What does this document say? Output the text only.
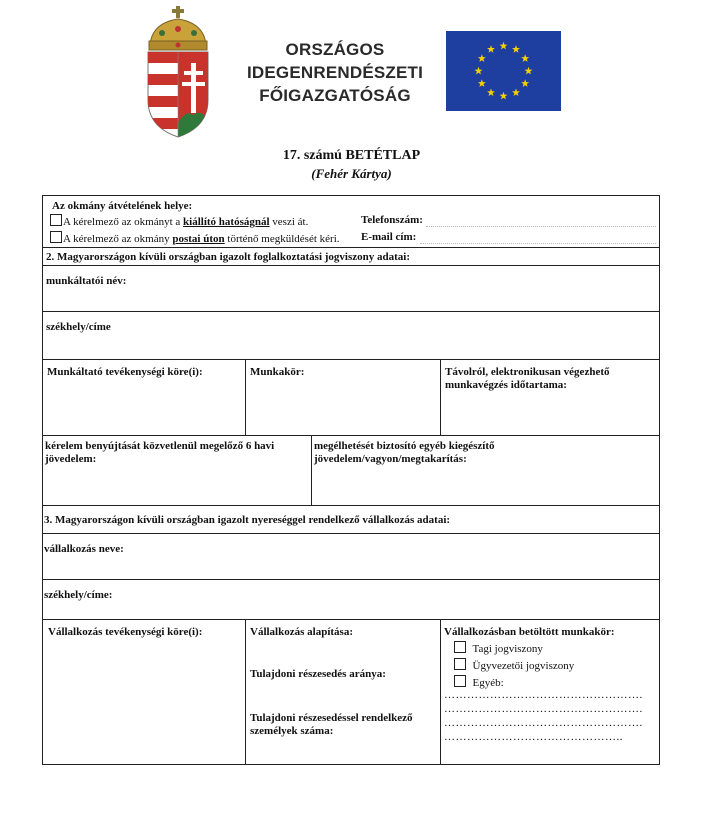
ORSZÁGOS
IDEGENRENDÉSZETI
FŐIGAZGATÓSÁG
17. számú BETÉTLAP
(Fehér Kártya)
Az okmány átvételének helye:
A kérelmező az okmányt a kiállító hatóságnál veszi át.	Telefonszám:
A kérelmező az okmány postai úton történő megküldését kéri. E-mail cím:
2. Magyarországon kívüli országban igazolt foglalkoztatási jogviszony adatai:
munkáltatói név:
székhely/címe
Munkáltató tevékenységi köre(i):	Munkakör:	Távolról, elektronikusan végezhető munkavégzés időtartama:
kérelem benyújtását közvetlenül megelőző 6 havi jövedelem:
megélhetését biztosító egyéb kiegészítő jövedelem/vagyon/megtakarítás:
3. Magyarországon kívüli országban igazolt nyereséggel rendelkező vállalkozás adatai:
vállalkozás neve:
székhely/címe:
Vállalkozás tevékenységi köre(i):	Vállalkozás alapítása:
Tulajdoni részesedés aránya:
Tulajdoni részesedéssel rendelkező személyek száma:
Vállalkozásban betöltött munkakör:
Tagi jogviszony
Ügyvezetői jogviszony
Egyéb:
…………………………………………….
…………………………………………….
…………………………………………….
………………………………………..
